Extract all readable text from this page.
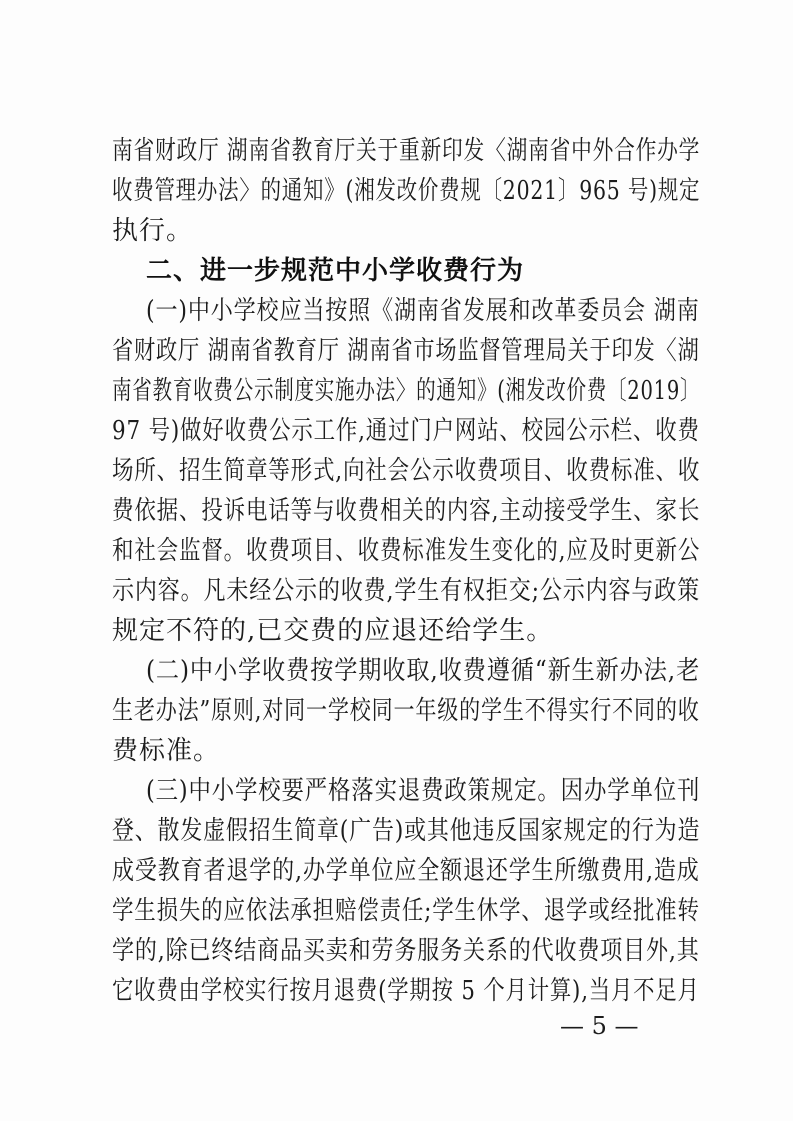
南省财政厅 湖南省教育厅关于重新印发〈湖南省中外合作办学
收费管理办法〉的通知》(湘发改价费规〔2021〕965 号)规定
执行。
二、进一步规范中小学收费行为
(一)中小学校应当按照《湖南省发展和改革委员会 湖南
省财政厅 湖南省教育厅 湖南省市场监督管理局关于印发〈湖
南省教育收费公示制度实施办法〉的通知》(湘发改价费〔2019〕
97 号)做好收费公示工作,通过门户网站、校园公示栏、收费
场所、招生简章等形式,向社会公示收费项目、收费标准、收
费依据、投诉电话等与收费相关的内容,主动接受学生、家长
和社会监督。收费项目、收费标准发生变化的,应及时更新公
示内容。凡未经公示的收费,学生有权拒交;公示内容与政策
规定不符的,已交费的应退还给学生。
(二)中小学收费按学期收取,收费遵循“新生新办法,老
生老办法”原则,对同一学校同一年级的学生不得实行不同的收
费标准。
(三)中小学校要严格落实退费政策规定。因办学单位刊
登、散发虚假招生简章(广告)或其他违反国家规定的行为造
成受教育者退学的,办学单位应全额退还学生所缴费用,造成
学生损失的应依法承担赔偿责任;学生休学、退学或经批准转
学的,除已终结商品买卖和劳务服务关系的代收费项目外,其
它收费由学校实行按月退费(学期按 5 个月计算),当月不足月
— 5 —
